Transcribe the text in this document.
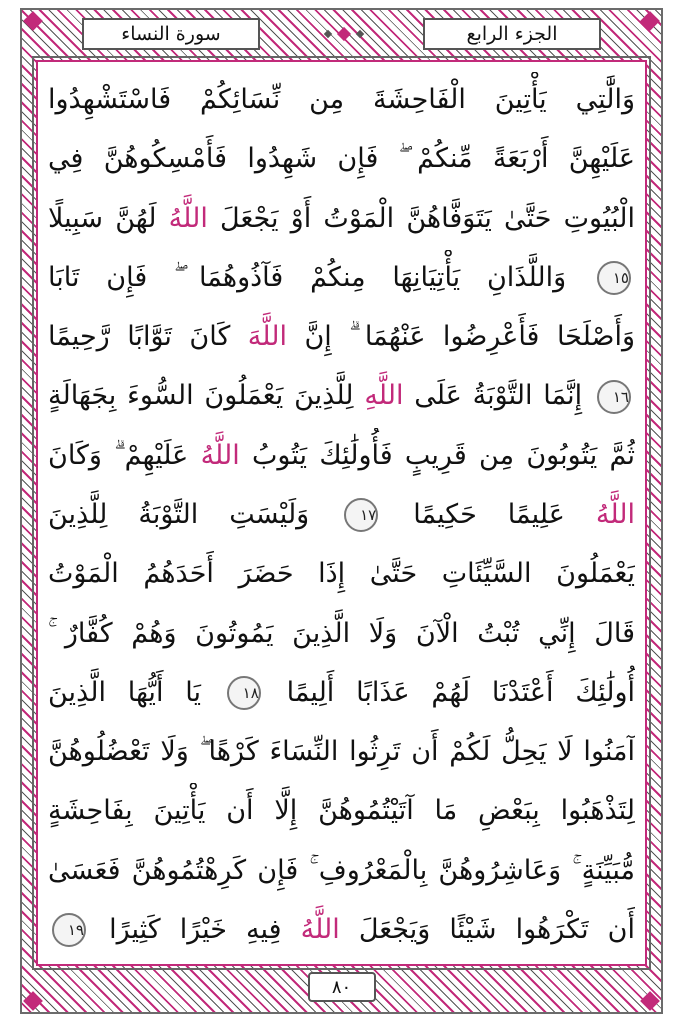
سورة النساء	الجزء الرابع
وَالَّٰتِي يَأْتِينَ الْفَاحِشَةَ مِن نِّسَائِكُمْ فَاسْتَشْهِدُوا
عَلَيْهِنَّ أَرْبَعَةً مِّنكُمْ ۖ فَإِن شَهِدُوا فَأَمْسِكُوهُنَّ فِي
الْبُيُوتِ حَتَّىٰ يَتَوَفَّاهُنَّ الْمَوْتُ أَوْ يَجْعَلَ اللَّهُ لَهُنَّ سَبِيلًا
١٥ وَاللَّذَانِ يَأْتِيَانِهَا مِنكُمْ فَآذُوهُمَا ۖ فَإِن تَابَا
وَأَصْلَحَا فَأَعْرِضُوا عَنْهُمَا ۗ إِنَّ اللَّهَ كَانَ تَوَّابًا رَّحِيمًا
١٦ إِنَّمَا التَّوْبَةُ عَلَى اللَّهِ لِلَّذِينَ يَعْمَلُونَ السُّوءَ بِجَهَالَةٍ
ثُمَّ يَتُوبُونَ مِن قَرِيبٍ فَأُولَٰئِكَ يَتُوبُ اللَّهُ عَلَيْهِمْ ۗ وَكَانَ
اللَّهُ عَلِيمًا حَكِيمًا ١٧ وَلَيْسَتِ التَّوْبَةُ لِلَّذِينَ
يَعْمَلُونَ السَّيِّئَاتِ حَتَّىٰ إِذَا حَضَرَ أَحَدَهُمُ الْمَوْتُ
قَالَ إِنِّي تُبْتُ الْآنَ وَلَا الَّذِينَ يَمُوتُونَ وَهُمْ كُفَّارٌ ۚ
أُولَٰئِكَ أَعْتَدْنَا لَهُمْ عَذَابًا أَلِيمًا ١٨ يَا أَيُّهَا الَّذِينَ
آمَنُوا لَا يَحِلُّ لَكُمْ أَن تَرِثُوا النِّسَاءَ كَرْهًا ۖ وَلَا تَعْضُلُوهُنَّ
لِتَذْهَبُوا بِبَعْضِ مَا آتَيْتُمُوهُنَّ إِلَّا أَن يَأْتِينَ بِفَاحِشَةٍ
مُّبَيِّنَةٍ ۚ وَعَاشِرُوهُنَّ بِالْمَعْرُوفِ ۚ فَإِن كَرِهْتُمُوهُنَّ فَعَسَىٰ
أَن تَكْرَهُوا شَيْئًا وَيَجْعَلَ اللَّهُ فِيهِ خَيْرًا كَثِيرًا ١٩
٨٠
